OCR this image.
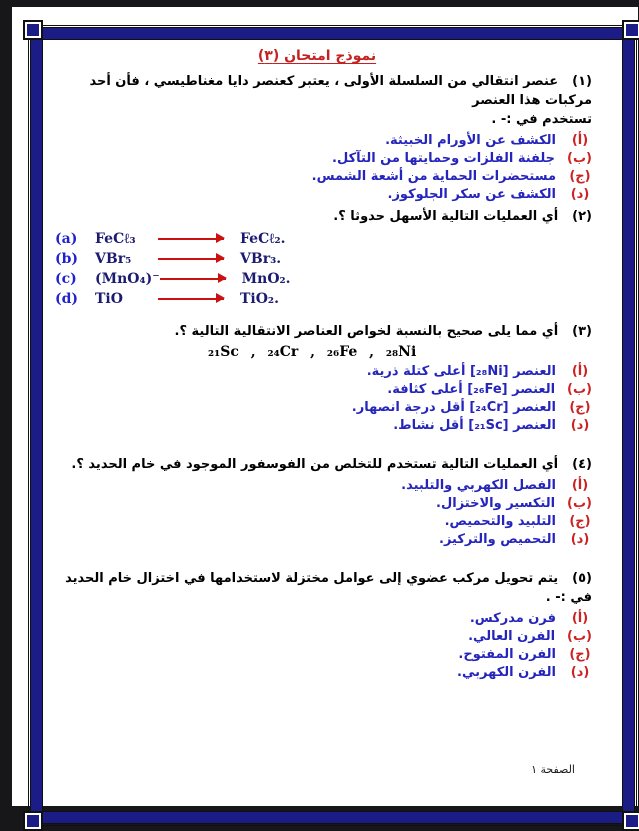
نموذج امتحان (٣)
(١)عنصر انتقالي من السلسلة الأولى ، يعتبر كعنصر دايا مغناطيسي ، فأن أحد مركبات هذا العنصر
تستخدم في :- .
(أ)
الكشف عن الأورام الخبيثة.
(ب)
جلفنة الفلزات وحمايتها من التآكل.
(ج)
مستحضرات الحماية من أشعة الشمس.
(د)
الكشف عن سكر الجلوكوز.
(٢)أي العمليات التالية الأسهل حدوثا ؟.
(a)	FeCℓ₃	FeCℓ₂.
(b)	VBr₅	VBr₃.
(c)	(MnO₄)⁻	MnO₂.
(d)	TiO	TiO₂.
(٣)أي مما يلى صحيح بالنسبة لخواص العناصر الانتقالية التالية ؟.
₂₁Sc , ₂₄Cr , ₂₆Fe , ₂₈Ni
(أ)
العنصر ‎[₂₈Ni]‎ أعلى كتلة ذرية.
(ب)
العنصر ‎[₂₆Fe]‎ أعلى كثافة.
(ج)
العنصر ‎[₂₄Cr]‎ أقل درجة انصهار.
(د)
العنصر ‎[₂₁Sc]‎ أقل نشاط.
(٤)أي العمليات التالية تستخدم للتخلص من الفوسفور الموجود في خام الحديد ؟.
(أ)
الفصل الكهربي والتلبيد.
(ب)
التكسير والاختزال.
(ج)
التلبيد والتحميص.
(د)
التحميص والتركيز.
(٥)يتم تحويل مركب عضوي إلى عوامل مختزلة لاستخدامها في اختزال خام الحديد في :- .
(أ)
فرن مدركس.
(ب)
الفرن العالي.
(ج)
الفرن المفتوح.
(د)
الفرن الكهربي.
الصفحة ١
